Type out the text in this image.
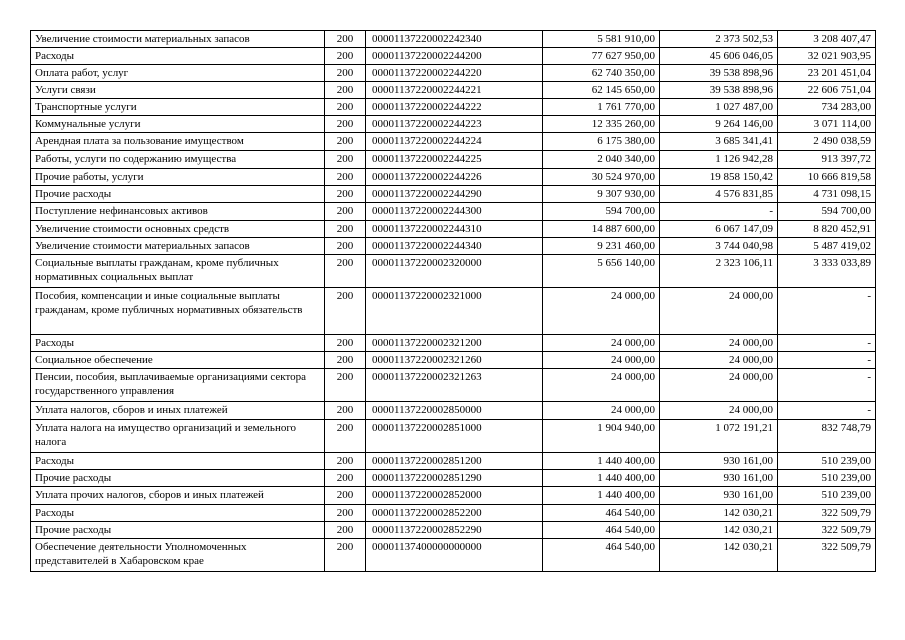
Увеличение стоимости материальных запасов	200	00001137220002242340	5 581 910,00	2 373 502,53	3 208 407,47
Расходы	200	00001137220002244200	77 627 950,00	45 606 046,05	32 021 903,95
Оплата работ, услуг	200	00001137220002244220	62 740 350,00	39 538 898,96	23 201 451,04
Услуги связи	200	00001137220002244221	62 145 650,00	39 538 898,96	22 606 751,04
Транспортные услуги	200	00001137220002244222	1 761 770,00	1 027 487,00	734 283,00
Коммунальные услуги	200	00001137220002244223	12 335 260,00	9 264 146,00	3 071 114,00
Арендная плата за пользование имуществом	200	00001137220002244224	6 175 380,00	3 685 341,41	2 490 038,59
Работы, услуги по содержанию имущества	200	00001137220002244225	2 040 340,00	1 126 942,28	913 397,72
Прочие работы, услуги	200	00001137220002244226	30 524 970,00	19 858 150,42	10 666 819,58
Прочие расходы	200	00001137220002244290	9 307 930,00	4 576 831,85	4 731 098,15
Поступление нефинансовых активов	200	00001137220002244300	594 700,00	-	594 700,00
Увеличение стоимости основных средств	200	00001137220002244310	14 887 600,00	6 067 147,09	8 820 452,91
Увеличение стоимости материальных запасов	200	00001137220002244340	9 231 460,00	3 744 040,98	5 487 419,02
Социальные выплаты гражданам, кроме публичных нормативных социальных выплат	200	00001137220002320000	5 656 140,00	2 323 106,11	3 333 033,89
Пособия, компенсации и иные социальные выплаты гражданам, кроме публичных нормативных обязательств	200	00001137220002321000	24 000,00	24 000,00	-
Расходы	200	00001137220002321200	24 000,00	24 000,00	-
Социальное обеспечение	200	00001137220002321260	24 000,00	24 000,00	-
Пенсии, пособия, выплачиваемые организациями сектора государственного управления	200	00001137220002321263	24 000,00	24 000,00	-
Уплата налогов, сборов и иных платежей	200	00001137220002850000	24 000,00	24 000,00	-
Уплата налога на имущество организаций и земельного налога	200	00001137220002851000	1 904 940,00	1 072 191,21	832 748,79
Расходы	200	00001137220002851200	1 440 400,00	930 161,00	510 239,00
Прочие расходы	200	00001137220002851290	1 440 400,00	930 161,00	510 239,00
Уплата прочих налогов, сборов и иных платежей	200	00001137220002852000	1 440 400,00	930 161,00	510 239,00
Расходы	200	00001137220002852200	464 540,00	142 030,21	322 509,79
Прочие расходы	200	00001137220002852290	464 540,00	142 030,21	322 509,79
Обеспечение деятельности Уполномоченных представителей в Хабаровском крае	200	00001137400000000000	464 540,00	142 030,21	322 509,79
